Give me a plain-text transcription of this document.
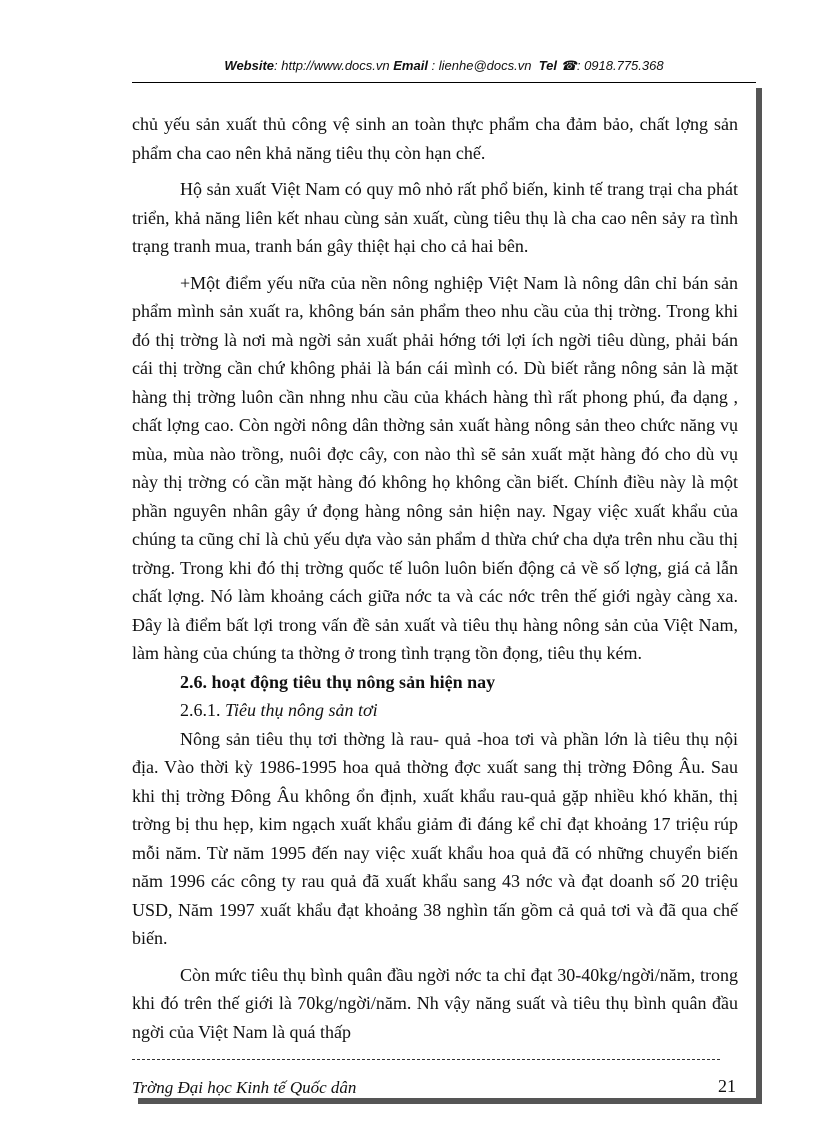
Website: http://www.docs.vn Email : lienhe@docs.vn Tel ☎: 0918.775.368

chủ yếu sản xuất thủ công vệ sinh an toàn thực phẩm cha đảm bảo, chất lợng sản phẩm cha cao nên khả năng tiêu thụ còn hạn chế.

Hộ sản xuất Việt Nam có quy mô nhỏ rất phổ biến, kinh tế trang trại cha phát triển, khả năng liên kết nhau cùng sản xuất, cùng tiêu thụ là cha cao nên sảy ra tình trạng tranh mua, tranh bán gây thiệt hại cho cả hai bên.

+Một điểm yếu nữa của nền nông nghiệp Việt Nam là nông dân chỉ bán sản phẩm mình sản xuất ra, không bán sản phẩm theo nhu cầu của thị trờng. Trong khi đó thị trờng là nơi mà ngời sản xuất phải hớng tới lợi ích ngời tiêu dùng, phải bán cái thị trờng cần chứ không phải là bán cái mình có. Dù biết rằng nông sản là mặt hàng thị trờng luôn cần nhng nhu cầu của khách hàng thì rất phong phú, đa dạng , chất lợng cao. Còn ngời nông dân thờng sản xuất hàng nông sản theo chức năng vụ mùa, mùa nào trồng, nuôi đợc cây, con nào thì sẽ sản xuất mặt hàng đó cho dù vụ này thị trờng có cần mặt hàng đó không họ không cần biết. Chính điều này là một phần nguyên nhân gây ứ đọng hàng nông sản hiện nay. Ngay việc xuất khẩu của chúng ta cũng chỉ là chủ yếu dựa vào sản phẩm d thừa chứ cha dựa trên nhu cầu thị trờng. Trong khi đó thị trờng quốc tế luôn luôn biến động cả về số lợng, giá cả lẫn chất lợng. Nó làm khoảng cách giữa nớc ta và các nớc trên thế giới ngày càng xa. Đây là điểm bất lợi trong vấn đề sản xuất và tiêu thụ hàng nông sản của Việt Nam, làm hàng của chúng ta thờng ở trong tình trạng tồn đọng, tiêu thụ kém.

2.6. hoạt động tiêu thụ nông sản hiện nay

2.6.1. Tiêu thụ nông sản tơi

Nông sản tiêu thụ tơi thờng là rau- quả -hoa tơi và phần lớn là tiêu thụ nội địa. Vào thời kỳ 1986-1995 hoa quả thờng đợc xuất sang thị trờng Đông Âu. Sau khi thị trờng Đông Âu không ổn định, xuất khẩu rau-quả gặp nhiều khó khăn, thị trờng bị thu hẹp, kim ngạch xuất khẩu giảm đi đáng kể chỉ đạt khoảng 17 triệu rúp mỗi năm. Từ năm 1995 đến nay việc xuất khẩu hoa quả đã có những chuyển biến năm 1996 các công ty rau quả đã xuất khẩu sang 43 nớc và đạt doanh số 20 triệu USD, Năm 1997 xuất khẩu đạt khoảng 38 nghìn tấn gồm cả quả tơi và đã qua chế biến.

Còn mức tiêu thụ bình quân đầu ngời nớc ta chỉ đạt 30-40kg/ngời/năm, trong khi đó trên thế giới là 70kg/ngời/năm. Nh vậy năng suất và tiêu thụ bình quân đầu ngời của Việt Nam là quá thấp

Trờng Đại học Kinh tế Quốc dân	21
